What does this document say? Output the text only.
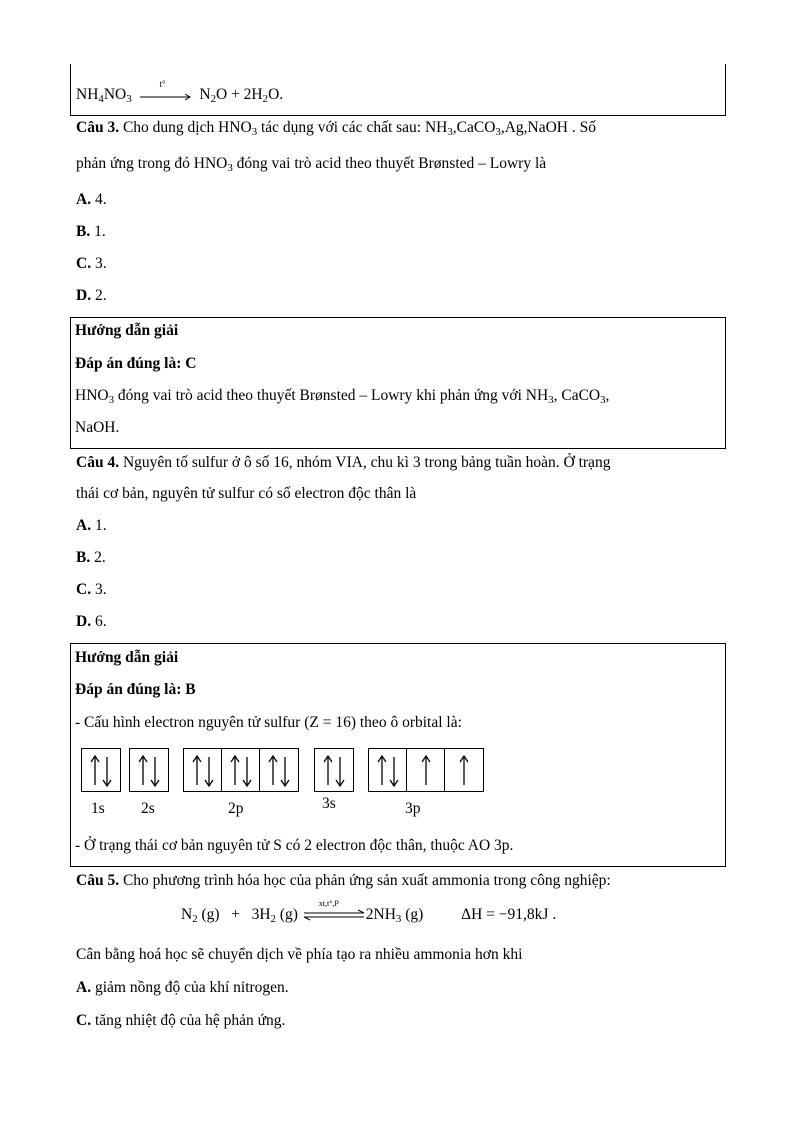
$NH_4NO_3$
t°
$N_2O + 2H_2O$.
Câu 3. Cho dung dịch $HNO_3$ tác dụng với các chất sau: $NH_3,CaCO_3,Ag,NaOH$ . Số
phản ứng trong đó $HNO_3$ đóng vai trò acid theo thuyết Brønsted – Lowry là
A. 4.
B. 1.
C. 3.
D. 2.
Hướng dẫn giải
Đáp án đúng là: C
$HNO_3$ đóng vai trò acid theo thuyết Brønsted – Lowry khi phản ứng với $NH_3$, CaCO$_3$,
NaOH.
Câu 4. Nguyên tố sulfur ở ô số 16, nhóm VIA, chu kì 3 trong bảng tuần hoàn. Ở trạng
thái cơ bản, nguyên tử sulfur có số electron độc thân là
A. 1.
B. 2.
C. 3.
D. 6.
Hướng dẫn giải
Đáp án đúng là: B
- Cấu hình electron nguyên tử sulfur (Z = 16) theo ô orbital là:
- Ở trạng thái cơ bản nguyên tử S có 2 electron độc thân, thuộc AO 3p.
1s 2s	2p	3s	3p
Câu 5. Cho phương trình hóa học của phản ứng sản xuất ammonia trong công nghiệp:
$N_2$ $(g) + 3H_2$ (g)
xt,t°,P
$2NH_3$ (g) ΔH = −91,8kJ .
Cân bằng hoá học sẽ chuyển dịch về phía tạo ra nhiều ammonia hơn khi
A. giảm nồng độ của khí nitrogen.
C. tăng nhiệt độ của hệ phản ứng.
